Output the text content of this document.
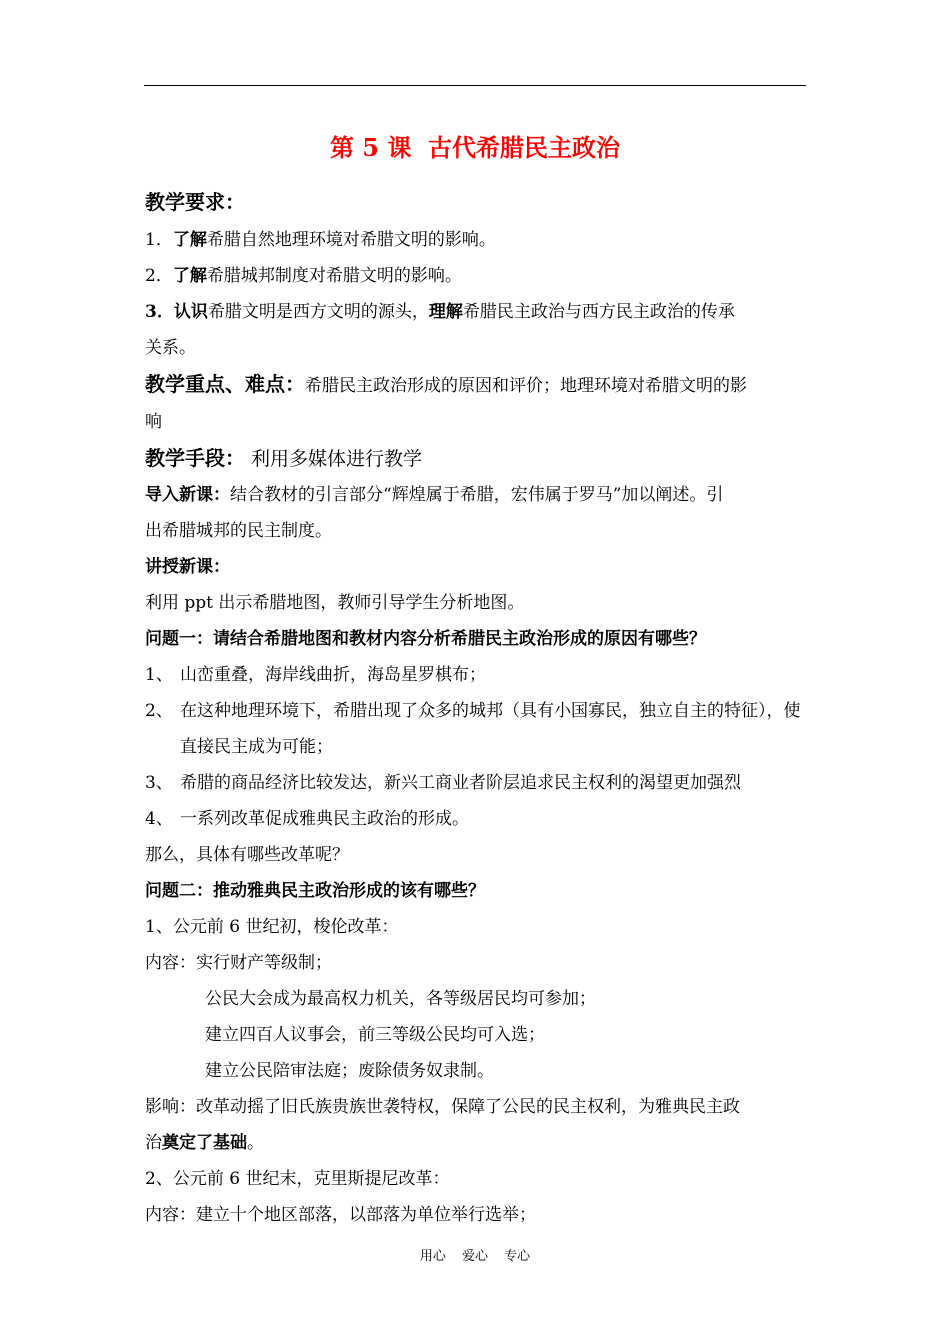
第 5 课  古代希腊民主政治

教学要求：

1．了解希腊自然地理环境对希腊文明的影响。

2．了解希腊城邦制度对希腊文明的影响。

3．认识希腊文明是西方文明的源头，理解希腊民主政治与西方民主政治的传承

关系。

教学重点、难点：希腊民主政治形成的原因和评价；地理环境对希腊文明的影

响

教学手段： 利用多媒体进行教学

导入新课：结合教材的引言部分“辉煌属于希腊，宏伟属于罗马”加以阐述。引

出希腊城邦的民主制度。

讲授新课：

利用 ppt 出示希腊地图，教师引导学生分析地图。

问题一：请结合希腊地图和教材内容分析希腊民主政治形成的原因有哪些？

1、 山峦重叠，海岸线曲折，海岛星罗棋布；

2、 在这种地理环境下，希腊出现了众多的城邦（具有小国寡民，独立自主的特征），使直接民主成为可能；

3、 希腊的商品经济比较发达，新兴工商业者阶层追求民主权利的渴望更加强烈

4、 一系列改革促成雅典民主政治的形成。

那么，具体有哪些改革呢？

问题二：推动雅典民主政治形成的该有哪些？

1、公元前 6 世纪初，梭伦改革：

内容：实行财产等级制；

公民大会成为最高权力机关，各等级居民均可参加；

建立四百人议事会，前三等级公民均可入选；

建立公民陪审法庭；废除债务奴隶制。

影响：改革动摇了旧氏族贵族世袭特权，保障了公民的民主权利，为雅典民主政

治奠定了基础。

2、公元前 6 世纪末，克里斯提尼改革：

内容：建立十个地区部落，以部落为单位举行选举；

用心 爱心 专心
